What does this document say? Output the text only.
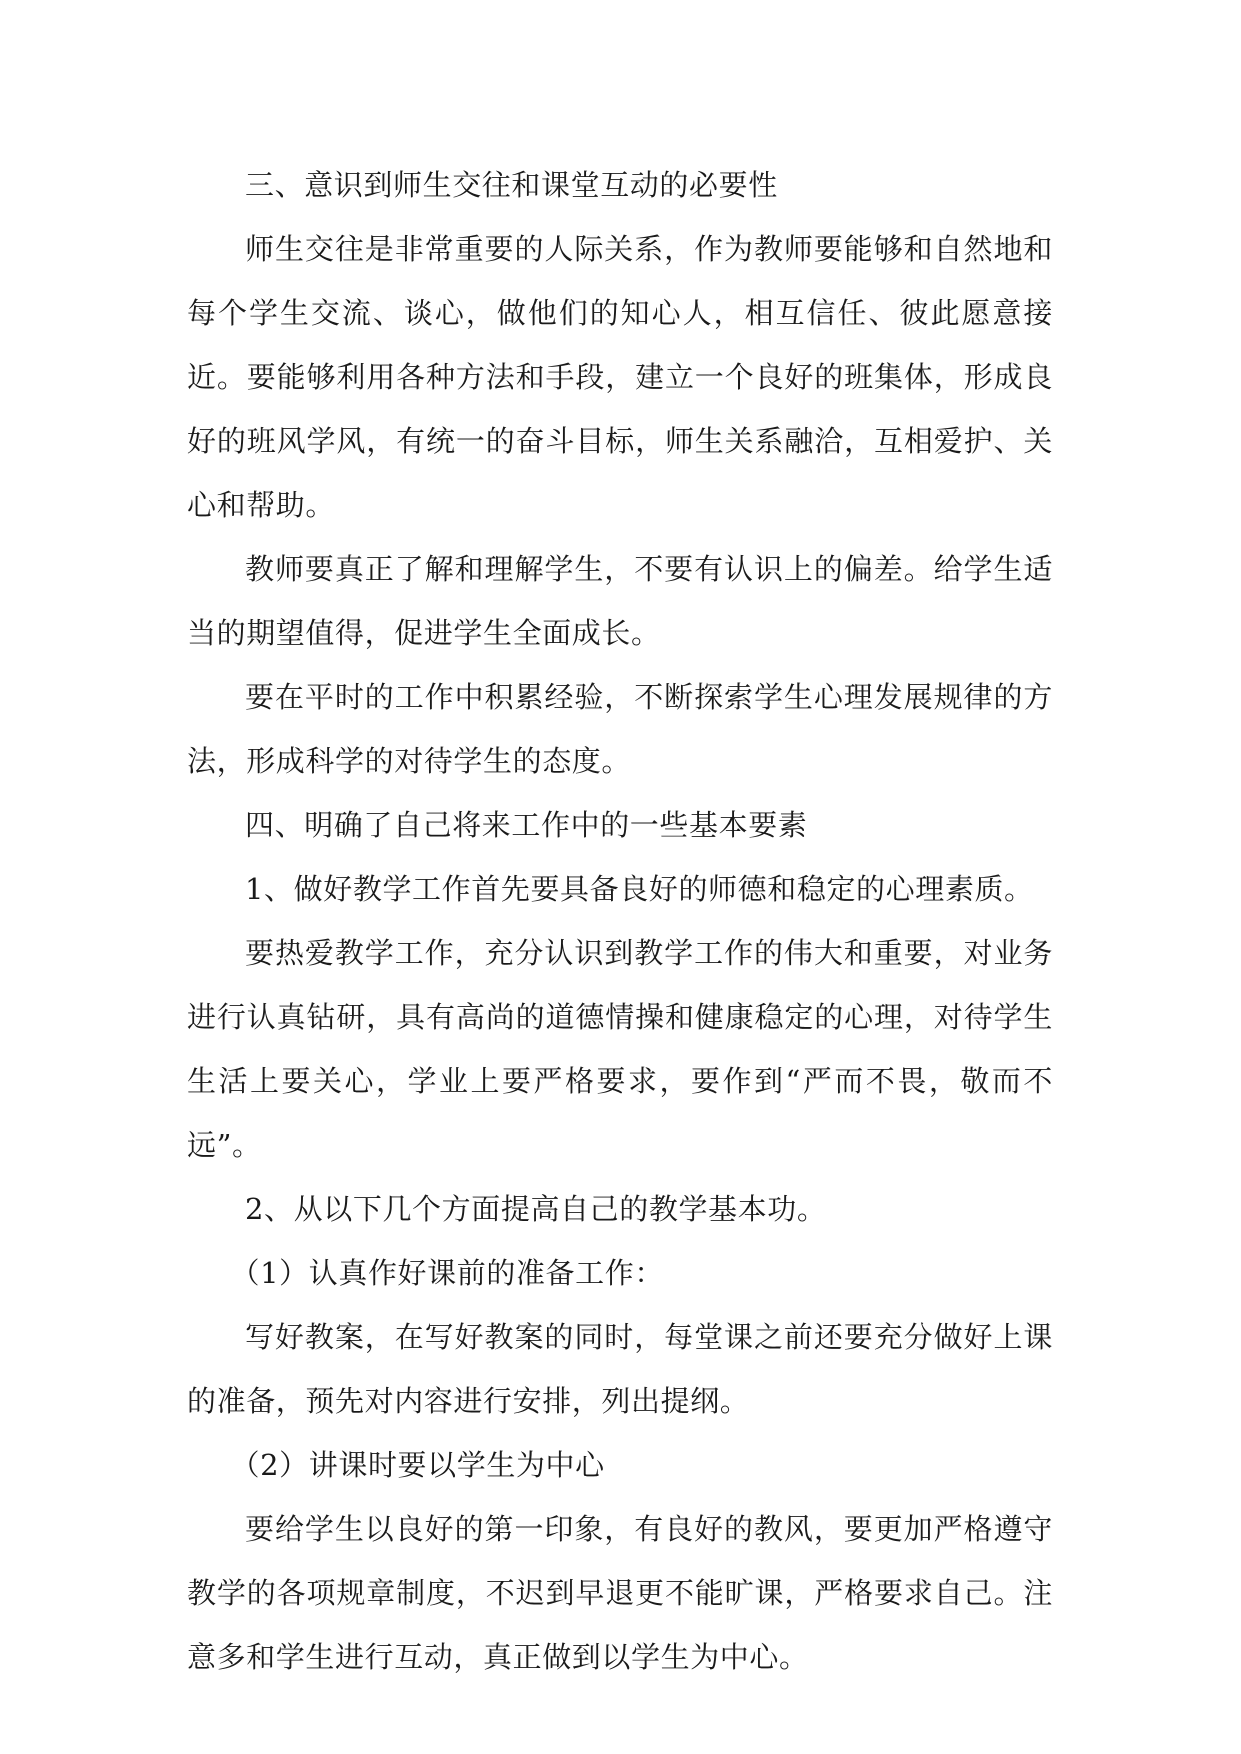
三、意识到师生交往和课堂互动的必要性

师生交往是非常重要的人际关系，作为教师要能够和自然地和每个学生交流、谈心，做他们的知心人，相互信任、彼此愿意接近。要能够利用各种方法和手段，建立一个良好的班集体，形成良好的班风学风，有统一的奋斗目标，师生关系融洽，互相爱护、关心和帮助。

教师要真正了解和理解学生，不要有认识上的偏差。给学生适当的期望值得，促进学生全面成长。

要在平时的工作中积累经验，不断探索学生心理发展规律的方法，形成科学的对待学生的态度。

四、明确了自己将来工作中的一些基本要素

1、做好教学工作首先要具备良好的师德和稳定的心理素质。

要热爱教学工作，充分认识到教学工作的伟大和重要，对业务进行认真钻研，具有高尚的道德情操和健康稳定的心理，对待学生生活上要关心，学业上要严格要求，要作到“严而不畏，敬而不远”。

2、从以下几个方面提高自己的教学基本功。

（1）认真作好课前的准备工作：

写好教案，在写好教案的同时，每堂课之前还要充分做好上课的准备，预先对内容进行安排，列出提纲。

（2）讲课时要以学生为中心

要给学生以良好的第一印象，有良好的教风，要更加严格遵守教学的各项规章制度，不迟到早退更不能旷课，严格要求自己。注意多和学生进行互动，真正做到以学生为中心。
